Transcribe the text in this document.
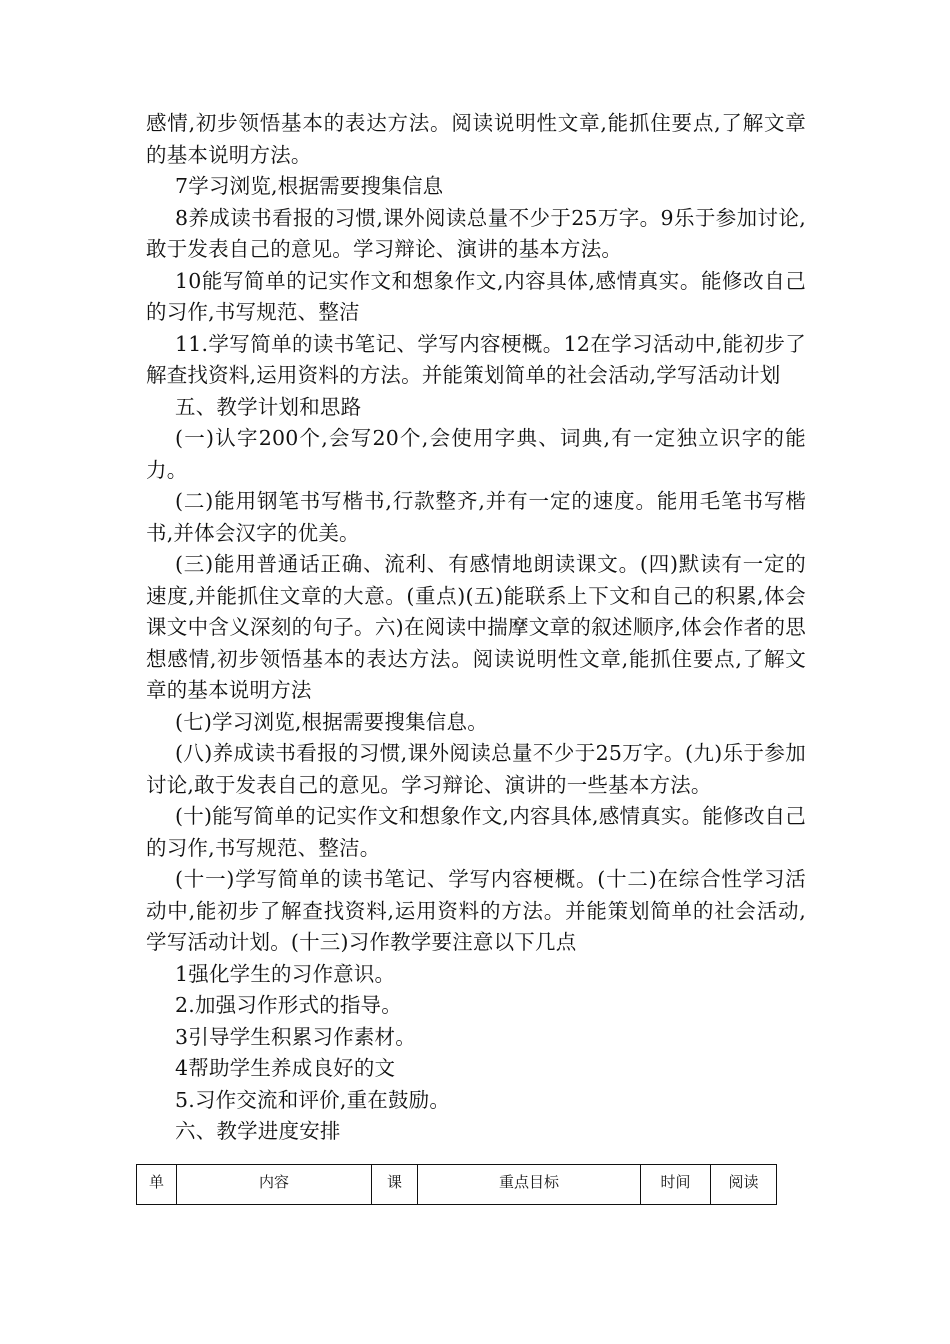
感情,初步领悟基本的表达方法。阅读说明性文章,能抓住要点,了解文章的基本说明方法。

7学习浏览,根据需要搜集信息

8养成读书看报的习惯,课外阅读总量不少于25万字。9乐于参加讨论,敢于发表自己的意见。学习辩论、演讲的基本方法。

10能写简单的记实作文和想象作文,内容具体,感情真实。能修改自己的习作,书写规范、整洁

11.学写简单的读书笔记、学写内容梗概。12在学习活动中,能初步了解查找资料,运用资料的方法。并能策划简单的社会活动,学写活动计划

五、教学计划和思路

(一)认字200个,会写20个,会使用字典、词典,有一定独立识字的能力。

(二)能用钢笔书写楷书,行款整齐,并有一定的速度。能用毛笔书写楷书,并体会汉字的优美。

(三)能用普通话正确、流利、有感情地朗读课文。(四)默读有一定的速度,并能抓住文章的大意。(重点)(五)能联系上下文和自己的积累,体会课文中含义深刻的句子。六)在阅读中揣摩文章的叙述顺序,体会作者的思想感情,初步领悟基本的表达方法。阅读说明性文章,能抓住要点,了解文章的基本说明方法

(七)学习浏览,根据需要搜集信息。

(八)养成读书看报的习惯,课外阅读总量不少于25万字。(九)乐于参加讨论,敢于发表自己的意见。学习辩论、演讲的一些基本方法。

(十)能写简单的记实作文和想象作文,内容具体,感情真实。能修改自己的习作,书写规范、整洁。

(十一)学写简单的读书笔记、学写内容梗概。(十二)在综合性学习活动中,能初步了解查找资料,运用资料的方法。并能策划简单的社会活动,学写活动计划。(十三)习作教学要注意以下几点

1强化学生的习作意识。

2.加强习作形式的指导。

3引导学生积累习作素材。

4帮助学生养成良好的文

5.习作交流和评价,重在鼓励。

六、教学进度安排

单	内容	课	重点目标	时间	阅读
